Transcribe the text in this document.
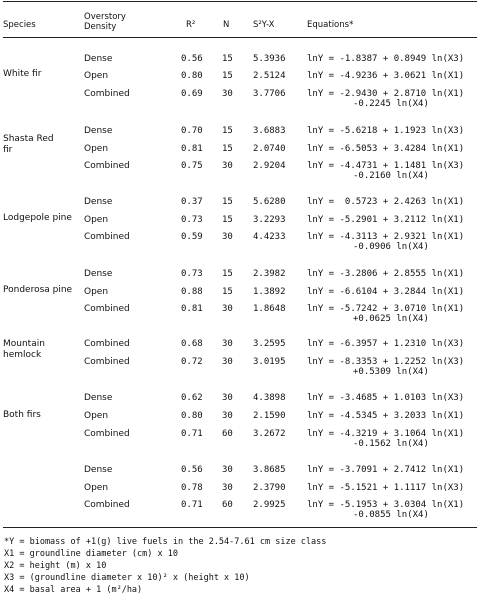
Species
Overstory
Density	R²	N	S²Y-X	Equations*
White fir
Dense	0.56 15 5.3936 lnY = -1.8387 + 0.8949 ln(X3)
Open	0.80 15 2.5124 lnY = -4.9236 + 3.0621 ln(X1)
Combined	0.69 30 3.7706 lnY = -2.9430 + 2.8710 ln(X1)
-0.2245 ln(X4)
Shasta Red fir
Dense	0.70 15 3.6883 lnY = -5.6218 + 1.1923 ln(X3)
Open	0.81 15 2.0740 lnY = -6.5053 + 3.4284 ln(X1)
Combined	0.75 30 2.9204 lnY = -4.4731 + 1.1481 ln(X3)
-0.2160 ln(X4)
Lodgepole pine
Dense	0.37 15 5.6280 lnY =  0.5723 + 2.4263 ln(X1)
Open	0.73 15 3.2293 lnY = -5.2901 + 3.2112 ln(X1)
Combined	0.59 30 4.4233 lnY = -4.3113 + 2.9321 ln(X1)
-0.0906 ln(X4)
Ponderosa pine
Dense	0.73 15 2.3982 lnY = -3.2806 + 2.8555 ln(X1)
Open	0.88 15 1.3892 lnY = -6.6104 + 3.2844 ln(X1)
Combined	0.81 30 1.8648 lnY = -5.7242 + 3.0710 ln(X1)
+0.0625 ln(X4)
Mountain hemlock
Combined	0.68 30 3.2595 lnY = -6.3957 + 1.2310 ln(X3)
Combined	0.72 30 3.0195 lnY = -8.3353 + 1.2252 ln(X3)
+0.5309 ln(X4)
Both firs
Dense	0.62 30 4.3898 lnY = -3.4685 + 1.0103 ln(X3)
Open	0.80 30 2.1590 lnY = -4.5345 + 3.2033 ln(X1)
Combined	0.71 60 3.2672 lnY = -4.3219 + 3.1064 ln(X1)
-0.1562 ln(X4)
Dense	0.56 30 3.8685 lnY = -3.7091 + 2.7412 ln(X1)
Open	0.78 30 2.3790 lnY = -5.1521 + 1.1117 ln(X3)
Combined	0.71 60 2.9925 lnY = -5.1953 + 3.0304 ln(X1)
-0.0855 ln(X4)
*Y = biomass of +1(g) live fuels in the 2.54-7.61 cm size class
X1 = groundline diameter (cm) x 10
X2 = height (m) x 10
X3 = (groundline diameter x 10)² x (height x 10)
X4 = basal area + 1 (m²/ha)
